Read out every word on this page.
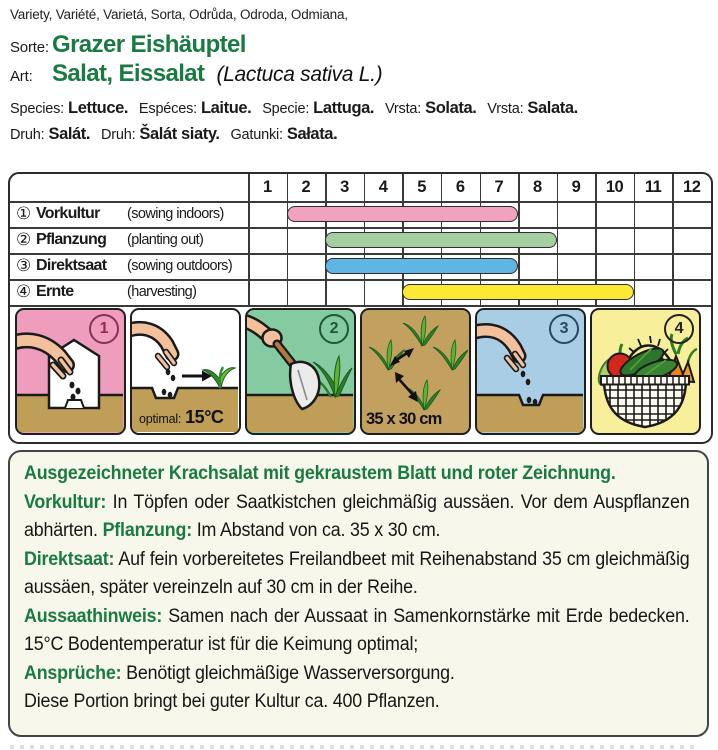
Variety, Variété, Varietá, Sorta, Odrůda, Odroda, Odmiana,
Sorte: Grazer Eishäuptel
Art: Salat, Eissalat (Lactuca sativa L.)
Species: Lettuce. Espéces: Laitue. Specie: Lattuga. Vrsta: Solata. Vrsta: Salata.
Druh: Salát. Druh: Šalát siaty. Gatunki: Sałata.
1	2	3	4	5	6	7	8	9	10	11	12
① Vorkultur	(sowing indoors)
② Pflanzung	(planting out)
③ Direktsaat	(sowing outdoors)
④ Ernte	(harvesting)
1
optimal: 15°C
2
35 x 30 cm
3	4

Ausgezeichneter Krachsalat mit gekraustem Blatt und roter Zeichnung.

Vorkultur: In Töpfen oder Saatkistchen gleichmäßig aussäen. Vor dem Auspflanzen abhärten. Pflanzung: Im Abstand von ca. 35 x 30 cm.

Direktsaat: Auf fein vorbereitetes Freilandbeet mit Reihenabstand 35 cm gleichmäßig aussäen, später vereinzeln auf 30 cm in der Reihe.

Aussaathinweis: Samen nach der Aussaat in Samenkornstärke mit Erde bedecken. 15°C Bodentemperatur ist für die Keimung optimal;

Ansprüche: Benötigt gleichmäßige Wasserversorgung.

Diese Portion bringt bei guter Kultur ca. 400 Pflanzen.
